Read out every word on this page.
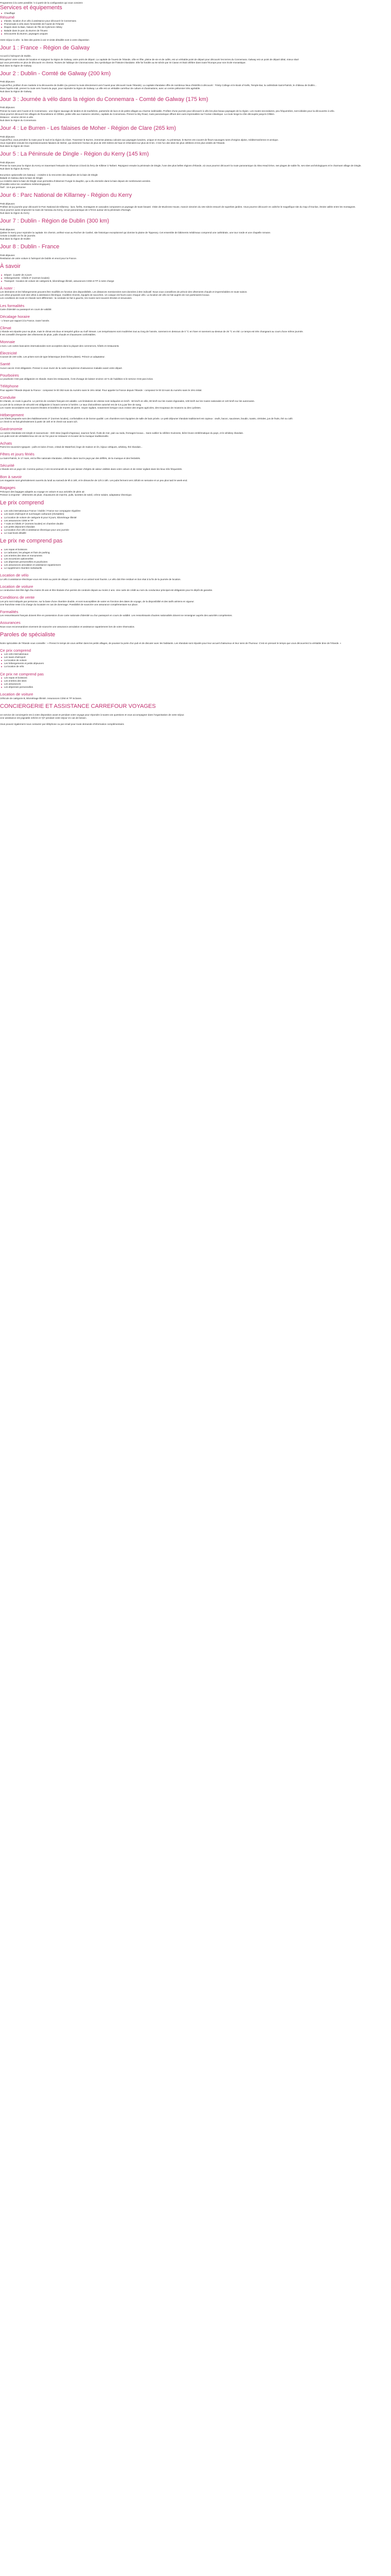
Programme à la carte possible / 4 à partir de la configuration qui vous convient

Services et équipements

Chauffage

Résumé

Irlande, location d'un vélo à assistance pour découvrir le Connemara

Promenade à vélo dans l'ensemble de l'ouest de l'Irlande

Étapes dans la Baie, Nature de l'île de Kylemore Abbey

Balade dans le parc du Burren de l'Ouest

Découverte du Burren, paysages uniques

Votre séjour à vélo : la liste des points à voir et visite détaillés sont à votre disposition

Jour 1 : France - Région de Galway

Accueil à l'aéroport de Dublin.

Récupérez votre voiture de location et rejoignez la région de Galway, votre point de départ. La capitale de l'ouest de l'Irlande, ville en fête, pleine de vie et de cafés, est un véritable point de départ pour découvrir les terres du Connemara. Galway est un point de départ idéal, mieux situé

qui vous permettra en plus de découvrir en chemin. Ruines de l'abbaye de Clonmacnoise, lieu symbolique de l'histoire irlandaise. Elle fut fondée au 6e siècle par St Ciaran et était célèbre dans toute l'Europe pour son école monastique.

Nuit dans la région de Galway

Jour 2 : Dublin - Comté de Galway (200 km)

Petit déjeuner.

Aujourd'hui, profitez d'une matinée à la découverte de Dublin (ou prenez la route directement vers l'ouest pour découvrir toute l'Irlande). La capitale irlandaise offre de nombreux lieux d'intérêts à découvrir : Trinity College et le Book of Kells, Temple Bar, la cathédrale Saint-Patrick, le château de Dublin...

Dans l'après-midi, prenez la route vers l'ouest du pays, pour rejoindre la région de Galway. La ville est un véritable carrefour de culture et d'animations, avec un centre piétonnier très agréable.

Nuit dans la région de Galway

Jour 3 : Journée à vélo dans la région du Connemara - Comté de Galway (175 km)

Petit déjeuner.

Prenez la route vers l'ouest et le Connemara : une région sauvage de landes et de tourbières, parsemée de lacs et de petits villages au charme indéniable. Profitez d'une journée pour découvrir à vélo les plus beaux paysages de la région. Les routes secondaires, peu fréquentées, sont idéales pour la découverte à vélo.

Vous pourrez découvrir les villages de Roundstone et Clifden, petite ville aux maisons colorées, capitale du Connemara. Prenez la Sky Road, route panoramique offrant des vues imprenables sur l'océan Atlantique. La route longe la côte découpée jusqu'à Clifden.

Distance : environ 35 km à vélo

Nuit dans la région du Connemara

Jour 4 : Le Burren - Les falaises de Moher - Région de Clare (265 km)

Petit déjeuner.

Aujourd'hui, vous prendrez la route pour le sud et la région du Clare. Traversez le Burren, immense plateau calcaire aux paysages lunaires, unique en Europe. Au printemps, le Burren est couvert de fleurs sauvages rares d'origine alpine, méditerranéenne et arctique.

Vous rejoindrez ensuite les impressionnantes falaises de Moher, qui dominent l'océan de plus de 200 mètres de haut et s'étendent sur plus de 8 km. C'est l'un des sites les plus célèbres et les plus visités de l'Irlande.

Nuit dans la région de Clare

Jour 5 : La Péninsule de Dingle - Région du Kerry (145 km)

Petit déjeuner.

Prenez la route pour la région du Kerry en traversant l'estuaire du Shannon à bord du ferry de Killimer à Tarbert. Rejoignez ensuite la péninsule de Dingle, l'une des plus belles régions d'Irlande, où vous pourrez découvrir la route panoramique du Slea Head Drive, ses plages de sable fin, ses sites archéologiques et le charmant village de Dingle.

Nuit dans la région du Kerry

Excursion optionnelle (en bateau) : croisière à la rencontre des dauphins de la baie de Dingle

Balade en bateau dans la baie de Dingle

La croisière dans la baie de Dingle vous permettra d'observer Fungie le dauphin, qui a élu domicile dans la baie depuis de nombreuses années.

(Possible selon les conditions météorologiques)

Tarif : 15 € par personne

Jour 6 : Parc National de Killarney - Région du Kerry

Petit déjeuner.

Profitez de la journée pour découvrir le Parc National de Killarney : lacs, forêts, montagnes et cascades composent un paysage de toute beauté. Visite de Muckross House, manoir victorien du 19e siècle entouré de superbes jardins. Vous pourrez découvrir en calèche le magnifique site du Gap of Dunloe, étroite vallée entre les montagnes.

Vous pourrez aussi emprunter la route de l'anneau du Kerry, circuit panoramique de 179 km autour de la péninsule d'Iveragh.

Nuit dans la région du Kerry

Jour 7 : Dublin - Région de Dublin (300 km)

Petit déjeuner.

Quittez le Kerry pour rejoindre la capitale. En chemin, arrêtez-vous au Rocher de Cashel, site historique exceptionnel qui domine la plaine de Tipperary. Cet ensemble de bâtiments médiévaux comprend une cathédrale, une tour ronde et une chapelle romane.

Arrivée à Dublin en fin de journée.

Nuit dans la région de Dublin

Jour 8 : Dublin - France

Petit déjeuner.

Restitution de votre voiture à l'aéroport de Dublin et envol pour la France.

À savoir

Départ : à partir de 2 jours

Hébergements : Hôtels 3* (normes locales)

Transport : location de voiture de catégorie B, kilométrage illimité, assurances CDW et TP à notre charge

À noter :

Les itinéraires et les hébergements peuvent être modifiés en fonction des disponibilités. Les distances mentionnées sont données à titre indicatif. Nous vous conseillons de prévoir des vêtements chauds et imperméables en toute saison.

Les vélos proposés sont des vélos à assistance électrique, modèles récents, équipés de sacoches. Un casque est fourni avec chaque vélo. La location de vélo se fait auprès de nos partenaires locaux.

Les conditions de route en Irlande sont différentes : la conduite se fait à gauche, les routes sont souvent étroites et sinueuses.

Les formalités

Carte d'identité ou passeport en cours de validité.

Décalage horaire

- 1 heure par rapport à la France, toute l'année.

Climat

L'Irlande est réputée pour sa pluie, mais le climat est doux et tempéré grâce au Gulf Stream. Les températures sont modérées tout au long de l'année, rarement en dessous de 0 °C en hiver et rarement au-dessus de 25 °C en été. Le temps est très changeant au cours d'une même journée.

Il est conseillé d'emporter des vêtements de pluie, pulls chauds et chaussures confortables.

Monnaie

L'euro. Les cartes bancaires internationales sont acceptées dans la plupart des commerces, hôtels et restaurants.

Électricité

Courant de 230 volts. Les prises sont de type britannique (trois fiches plates). Prévoir un adaptateur.

Santé

Aucun vaccin n'est obligatoire. Pensez à vous munir de la carte européenne d'assurance maladie avant votre départ.

Pourboires

Le pourboire n'est pas obligatoire en Irlande. Dans les restaurants, il est d'usage de laisser environ 10 % de l'addition si le service n'est pas inclus.

Téléphone

Pour appeler l'Irlande depuis la France : composez le 00 353 suivi du numéro sans le zéro initial. Pour appeler la France depuis l'Irlande : composez le 00 33 suivi du numéro sans le zéro initial.

Conduite

En Irlande, on roule à gauche. Le permis de conduire français est valable. Les limitations de vitesse sont indiquées en km/h : 50 km/h en ville, 80 km/h sur les routes régionales, 100 km/h sur les routes nationales et 120 km/h sur les autoroutes.

Le port de la ceinture de sécurité est obligatoire à l'avant comme à l'arrière. Le taux d'alcoolémie autorisé est de 0,5 g par litre de sang.

Les routes secondaires sont souvent étroites et bordées de murets de pierre. Soyez vigilant, notamment lorsque vous croisez des engins agricoles, des troupeaux de moutons ou des cyclistes.

Hébergement

Les hôtels proposés sont des établissements 3* (normes locales), confortables et de bonne qualité. Les chambres sont équipées de salle de bain privée. Le petit déjeuner irlandais traditionnel est copieux : œufs, bacon, saucisses, boudin, toasts, céréales, jus de fruits, thé ou café.

Le check-in se fait généralement à partir de 15h et le check-out avant 11h.

Gastronomie

La cuisine irlandaise est simple et savoureuse : Irish stew (ragoût d'agneau), saumon fumé, fruits de mer, pain au soda, fromages locaux... Sans oublier la célèbre Guinness, bière brune emblématique du pays, et le whiskey irlandais.

Les pubs sont de véritables lieux de vie où l'on peut se restaurer et écouter de la musique traditionnelle.

Achats

Parmi les souvenirs typiques : pulls en laine d'Aran, cristal de Waterford, linge de maison en lin, bijoux celtiques, whiskey, thé irlandais...

Fêtes et jours fériés

La Saint-Patrick, le 17 mars, est la fête nationale irlandaise, célébrée dans tout le pays par des défilés, de la musique et des festivités.

Sécurité

L'Irlande est un pays sûr. Comme partout, il est recommandé de ne pas laisser d'objets de valeur visibles dans votre voiture et de rester vigilant dans les lieux très fréquentés.

Bon à savoir

Les magasins sont généralement ouverts du lundi au samedi de 9h à 18h, et le dimanche de 12h à 18h. Les pubs ferment vers 23h30 en semaine et un peu plus tard le week-end.

Bagages

Prévoyez des bagages adaptés au voyage en voiture et aux activités de plein air.

Pensez à emporter : vêtements de pluie, chaussures de marche, pulls, lunettes de soleil, crème solaire, adaptateur électrique.

Le prix comprend

Les vols internationaux France / Dublin / France sur compagnie régulière

Les taxes d'aéroport et surcharges carburant (révisables)

La location de voiture de catégorie B pour 8 jours, kilométrage illimité

Les assurances CDW et TP

7 nuits en hôtels 3* (normes locales) en chambre double

Les petits déjeuners irlandais

La location d'un vélo à assistance électrique pour une journée

Le road book détaillé

Le prix ne comprend pas

Les repas et boissons

Le carburant, les péages et frais de parking

Les entrées des sites et monuments

Les excursions optionnelles

Les dépenses personnelles et pourboires

Les assurances annulation et assistance rapatriement

Le supplément chambre individuelle

Location de vélo

Le vélo à assistance électrique vous est remis au point de départ. Un casque et un antivol sont fournis. Le vélo doit être restitué en bon état à la fin de la journée de location.

Location de voiture

Le conducteur doit être âgé d'au moins 25 ans et être titulaire d'un permis de conduire depuis au moins 2 ans. Une carte de crédit au nom du conducteur principal est obligatoire pour le dépôt de garantie.

Conditions de vente

Les prix sont indiqués par personne, sur la base d'une chambre double, et sont susceptibles de varier en fonction des dates de voyage, de la disponibilité et des tarifs aériens en vigueur.

Une franchise reste à la charge du locataire en cas de dommage. Possibilité de souscrire une assurance complémentaire sur place.

Formalités

Les ressortissants français doivent être en possession d'une carte nationale d'identité ou d'un passeport en cours de validité. Les ressortissants d'autres nationalités doivent se renseigner auprès des autorités compétentes.

Assurances

Nous vous recommandons vivement de souscrire une assurance annulation et assistance rapatriement lors de votre réservation.

Paroles de spécialiste

Notre spécialiste de l'Irlande vous conseille : « Prenez le temps de vous arrêter dans les petits villages, de pousser la porte d'un pub et de discuter avec les habitants. Les Irlandais sont réputés pour leur accueil chaleureux et leur sens de l'humour. C'est en prenant le temps que vous découvrirez la véritable âme de l'Irlande. »

Ce prix comprend

Les vols internationaux

Les taxes d'aéroport

La location de voiture

Les hébergements et petits déjeuners

La location de vélo

Ce prix ne comprend pas

Les repas et boissons

Les entrées des sites

Les assurances

Les dépenses personnelles

Location de voiture

Véhicule de catégorie B, kilométrage illimité. Assurances CDW et TP incluses.

CONCIERGERIE ET ASSISTANCE CARREFOUR VOYAGES

Un service de conciergerie est à votre disposition avant et pendant votre voyage pour répondre à toutes vos questions et vous accompagner dans l'organisation de votre séjour.

Une assistance est joignable 24h/24 et 7j/7 pendant votre séjour en cas de besoin.

Vous pouvez également nous contacter par téléphone ou par email pour toute demande d'information complémentaire.
